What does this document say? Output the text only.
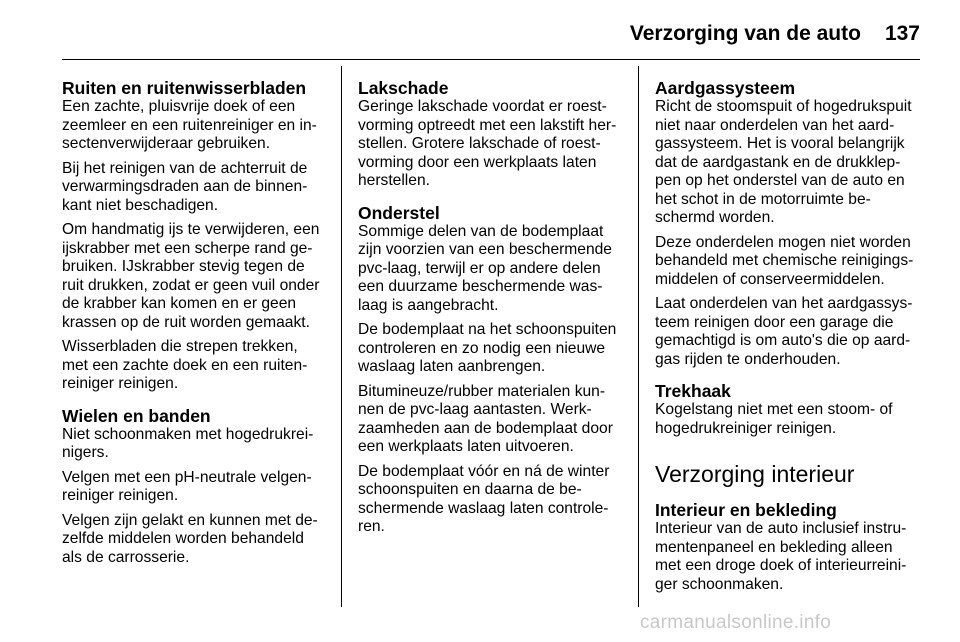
Verzorging van de auto 137
Ruiten en ruitenwisserbladen

Een zachte, pluisvrije doek of een zeemleer en een ruitenreiniger en in-sectenverwijderaar gebruiken.

Bij het reinigen van de achterruit de verwarmingsdraden aan de binnen-kant niet beschadigen.

Om handmatig ijs te verwijderen, een ijskrabber met een scherpe rand ge-bruiken. IJskrabber stevig tegen de ruit drukken, zodat er geen vuil onder de krabber kan komen en er geen krassen op de ruit worden gemaakt.

Wisserbladen die strepen trekken, met een zachte doek en een ruiten-reiniger reinigen.

Wielen en banden

Niet schoonmaken met hogedrukrei-nigers.

Velgen met een pH-neutrale velgen-reiniger reinigen.

Velgen zijn gelakt en kunnen met de-zelfde middelen worden behandeld als de carrosserie.

Lakschade

Geringe lakschade voordat er roest-vorming optreedt met een lakstift her-stellen. Grotere lakschade of roest-vorming door een werkplaats laten herstellen.

Onderstel

Sommige delen van de bodemplaat zijn voorzien van een beschermende pvc-laag, terwijl er op andere delen een duurzame beschermende was-laag is aangebracht.

De bodemplaat na het schoonspuiten controleren en zo nodig een nieuwe waslaag laten aanbrengen.

Bitumineuze/rubber materialen kun-nen de pvc-laag aantasten. Werk-zaamheden aan de bodemplaat door een werkplaats laten uitvoeren.

De bodemplaat vóór en ná de winter schoonspuiten en daarna de be-schermende waslaag laten controle-ren.

Aardgassysteem

Richt de stoomspuit of hogedrukspuit niet naar onderdelen van het aard-gassysteem. Het is vooral belangrijk dat de aardgastank en de drukklep-pen op het onderstel van de auto en het schot in de motorruimte be-schermd worden.

Deze onderdelen mogen niet worden behandeld met chemische reinigings-middelen of conserveermiddelen.

Laat onderdelen van het aardgassys-teem reinigen door een garage die gemachtigd is om auto's die op aard-gas rijden te onderhouden.

Trekhaak

Kogelstang niet met een stoom- of hogedrukreiniger reinigen.

Verzorging interieur
Interieur en bekleding

Interieur van de auto inclusief instru-mentenpaneel en bekleding alleen met een droge doek of interieurreini-ger schoonmaken.

carmanualsonline.info
